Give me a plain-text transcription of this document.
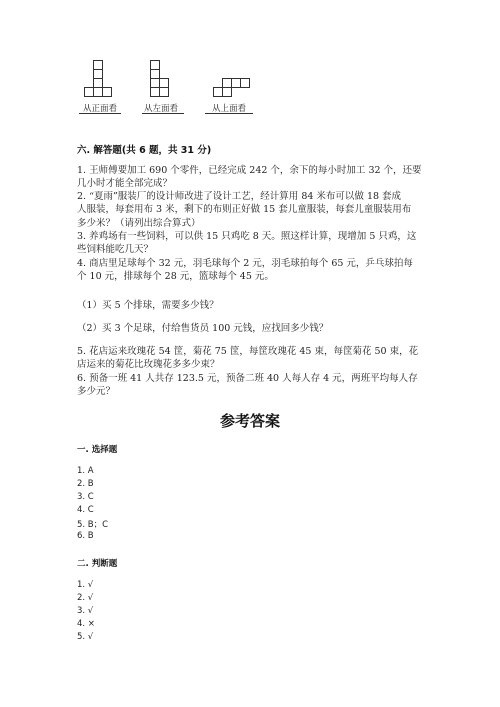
从正面看	从左面看	从上面看
六. 解答题(共 6 题，共 31 分)
1. 王师傅要加工 690 个零件，已经完成 242 个，余下的每小时加工 32 个，还要
几小时才能全部完成？
2. “夏雨”服装厂的设计师改进了设计工艺，经计算用 84 米布可以做 18 套成
人服装，每套用布 3 米，剩下的布则正好做 15 套儿童服装，每套儿童服装用布
多少米？（请列出综合算式）
3. 养鸡场有一些饲料，可以供 15 只鸡吃 8 天。照这样计算，现增加 5 只鸡，这
些饲料能吃几天？
4. 商店里足球每个 32 元，羽毛球每个 2 元，羽毛球拍每个 65 元，乒乓球拍每
个 10 元，排球每个 28 元，篮球每个 45 元。
（1）买 5 个排球，需要多少钱？
（2）买 3 个足球，付给售货员 100 元钱，应找回多少钱？
5. 花店运来玫瑰花 54 筐，菊花 75 筐，每筐玫瑰花 45 束，每筐菊花 50 束，花
店运来的菊花比玫瑰花多多少束？
6. 预备一班 41 人共存 123.5 元，预备二班 40 人每人存 4 元，两班平均每人存
多少元？
参考答案
一. 选择题
1. A
2. B
3. C
4. C
5. B；C
6. B
二. 判断题
1. √
2. √
3. √
4. ×
5. √
